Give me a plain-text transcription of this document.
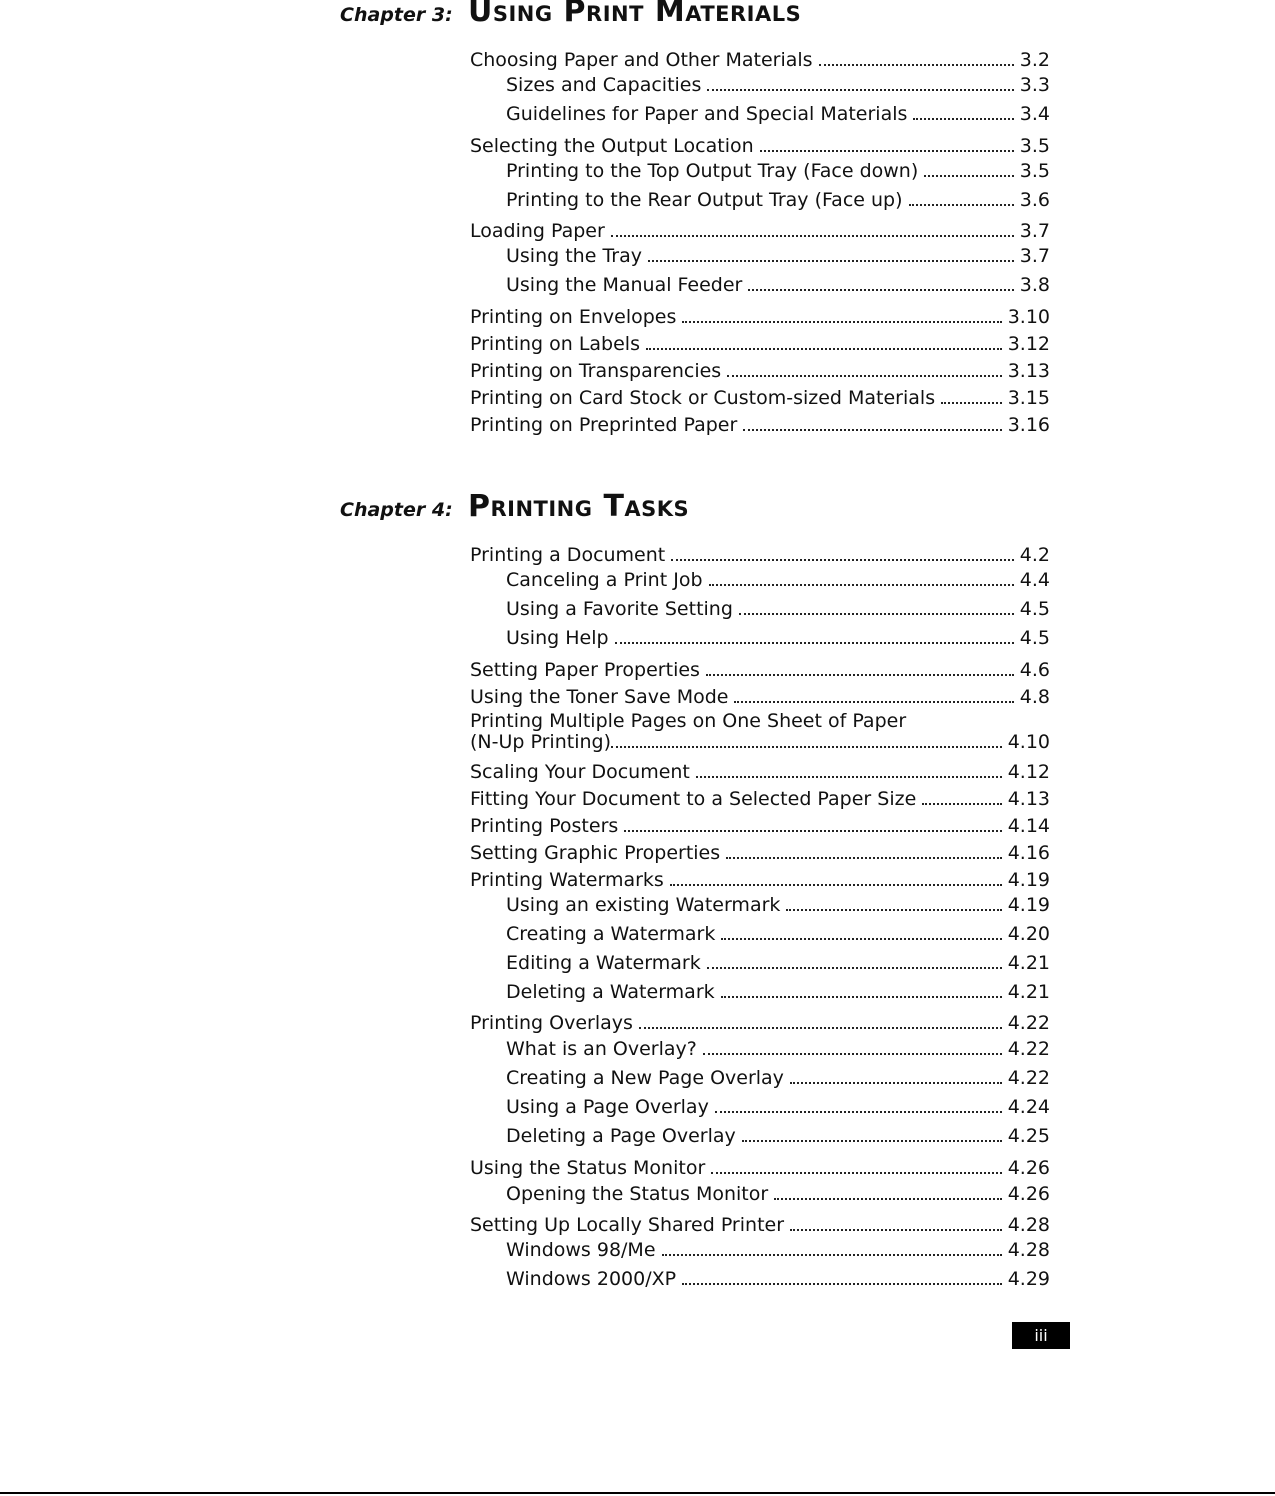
Chapter 3: Using Print Materials
Choosing Paper and Other Materials	3.2
Sizes and Capacities	3.3
Guidelines for Paper and Special Materials	3.4
Selecting the Output Location	3.5
Printing to the Top Output Tray (Face down)	3.5
Printing to the Rear Output Tray (Face up)	3.6
Loading Paper	3.7
Using the Tray	3.7
Using the Manual Feeder	3.8
Printing on Envelopes	3.10
Printing on Labels	3.12
Printing on Transparencies	3.13
Printing on Card Stock or Custom-sized Materials	3.15
Printing on Preprinted Paper	3.16
Chapter 4: Printing Tasks
Printing a Document	4.2
Canceling a Print Job	4.4
Using a Favorite Setting	4.5
Using Help	4.5
Setting Paper Properties	4.6
Using the Toner Save Mode	4.8
Printing Multiple Pages on One Sheet of Paper
(N-Up Printing)	4.10
Scaling Your Document	4.12
Fitting Your Document to a Selected Paper Size	4.13
Printing Posters	4.14
Setting Graphic Properties	4.16
Printing Watermarks	4.19
Using an existing Watermark	4.19
Creating a Watermark	4.20
Editing a Watermark	4.21
Deleting a Watermark	4.21
Printing Overlays	4.22
What is an Overlay?	4.22
Creating a New Page Overlay	4.22
Using a Page Overlay	4.24
Deleting a Page Overlay	4.25
Using the Status Monitor	4.26
Opening the Status Monitor	4.26
Setting Up Locally Shared Printer	4.28
Windows 98/Me	4.28
Windows 2000/XP	4.29
iii
